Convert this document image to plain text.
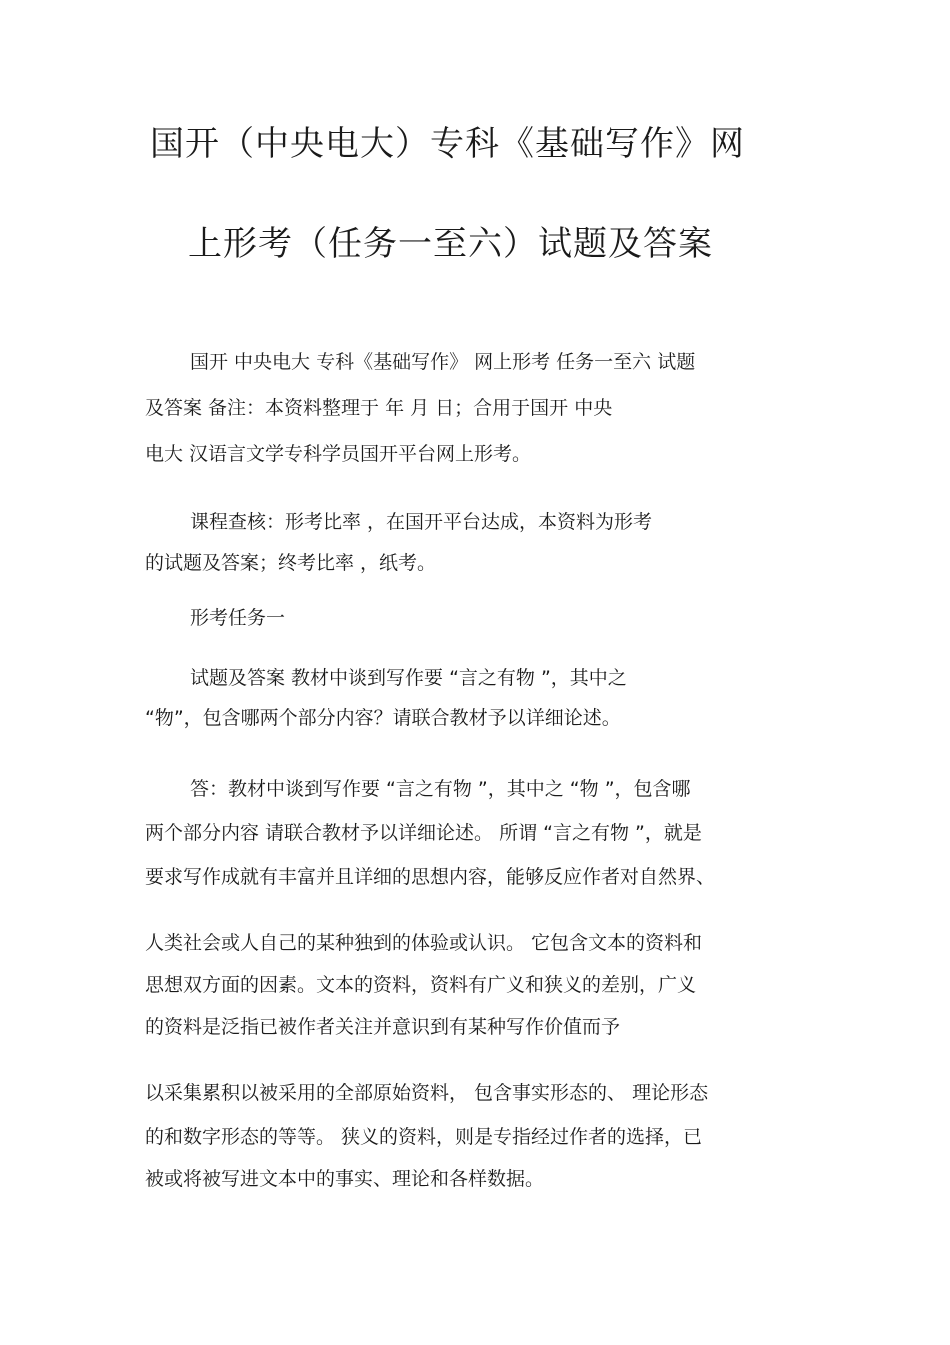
国开（中央电大）专科《基础写作》网
上形考（任务一至六）试题及答案
国开 中央电大 专科《基础写作》 网上形考 任务一至六 试题
及答案 备注：本资料整理于 年 月 日；合用于国开 中央
电大 汉语言文学专科学员国开平台网上形考。
课程查核：形考比率 ，在国开平台达成，本资料为形考
的试题及答案；终考比率 ，纸考。
形考任务一
试题及答案 教材中谈到写作要 “言之有物 ”，其中之
“物”，包含哪两个部分内容？请联合教材予以详细论述。
答：教材中谈到写作要 “言之有物 ”，其中之 “物 ”，包含哪
两个部分内容 请联合教材予以详细论述。 所谓 “言之有物 ”，就是
要求写作成就有丰富并且详细的思想内容，能够反应作者对自然界、
人类社会或人自己的某种独到的体验或认识。 它包含文本的资料和
思想双方面的因素。文本的资料，资料有广义和狭义的差别，广义
的资料是泛指已被作者关注并意识到有某种写作价值而予
以采集累积以被采用的全部原始资料， 包含事实形态的、 理论形态
的和数字形态的等等。 狭义的资料，则是专指经过作者的选择，已
被或将被写进文本中的事实、理论和各样数据。
